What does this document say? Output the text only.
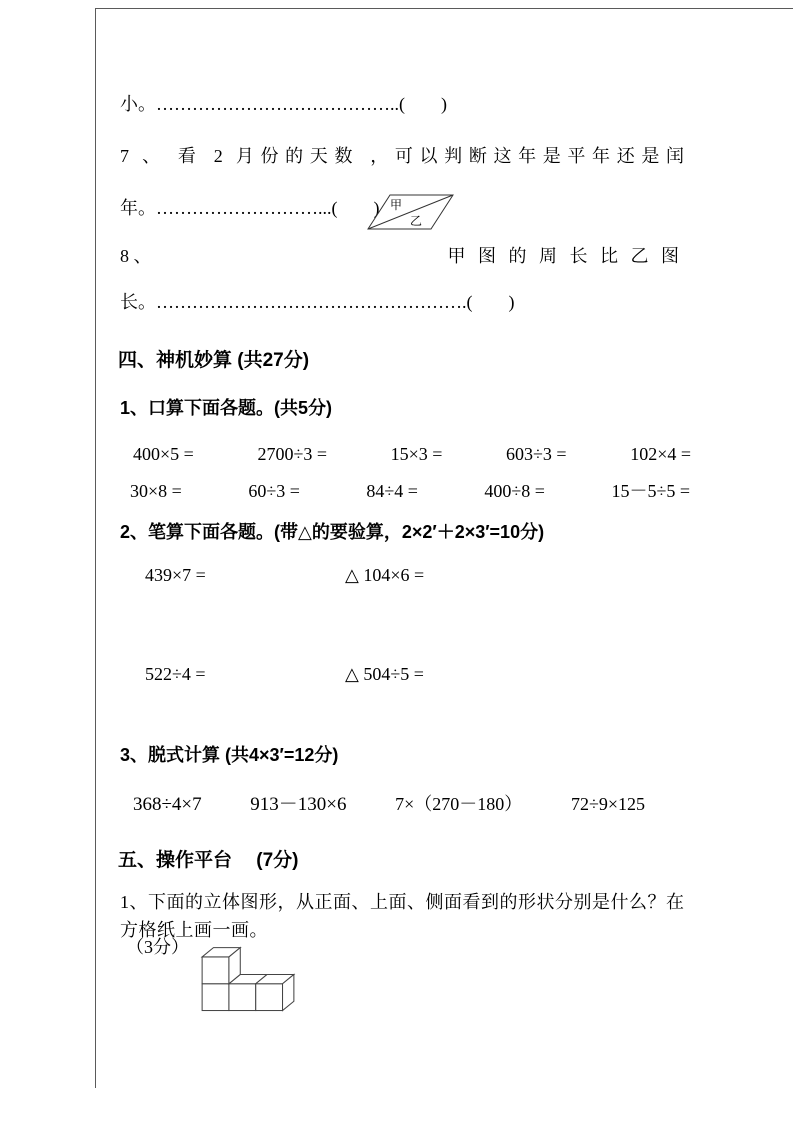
小。…………………………………..(　　)
7 、 看 2 月份的天数 ，可以判断这年是平年还是闰
年。………………………...(　　) 甲
乙
8 、	甲 图 的 周 长 比 乙 图
长。…………………………………………….(　　)
四、神机妙算 (共27分)
1、口算下面各题。(共5分)
400×5 =	2700÷3 =	15×3 =	603÷3 =	102×4 =
30×8 =	60÷3 =	84÷4 =	400÷8 =	15－5÷5 =
2、笔算下面各题。(带△的要验算，2×2′＋2×3′=10分)
439×7 =	△ 104×6 =
522÷4 =	△ 504÷5 =
3、脱式计算 (共4×3′=12分)
368÷4×7	913－130×6	7×（270－180）	72÷9×125
五、操作平台　 (7分)
1、下面的立体图形，从正面、上面、侧面看到的形状分别是什么？在方格纸上画一画。
（3分）
